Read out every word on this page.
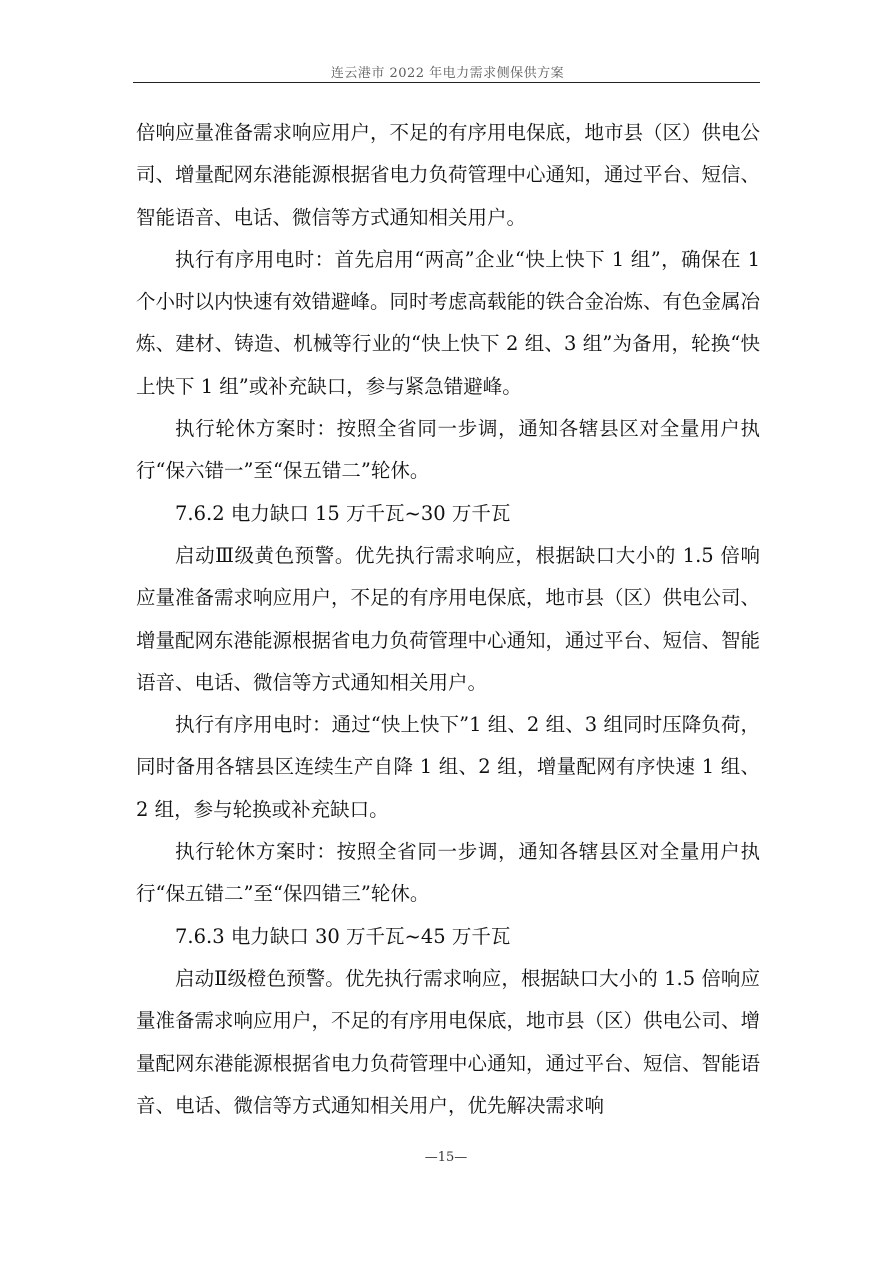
连云港市 2022 年电力需求侧保供方案

倍响应量准备需求响应用户，不足的有序用电保底，地市县（区）供电公司、增量配网东港能源根据省电力负荷管理中心通知，通过平台、短信、智能语音、电话、微信等方式通知相关用户。

执行有序用电时：首先启用“两高”企业“快上快下 1 组”，确保在 1 个小时以内快速有效错避峰。同时考虑高载能的铁合金冶炼、有色金属冶炼、建材、铸造、机械等行业的“快上快下 2 组、3 组”为备用，轮换“快上快下 1 组”或补充缺口，参与紧急错避峰。

执行轮休方案时：按照全省同一步调，通知各辖县区对全量用户执行“保六错一”至“保五错二”轮休。

7.6.2 电力缺口 15 万千瓦~30 万千瓦

启动Ⅲ级黄色预警。优先执行需求响应，根据缺口大小的 1.5 倍响应量准备需求响应用户，不足的有序用电保底，地市县（区）供电公司、增量配网东港能源根据省电力负荷管理中心通知，通过平台、短信、智能语音、电话、微信等方式通知相关用户。

执行有序用电时：通过“快上快下”1 组、2 组、3 组同时压降负荷，同时备用各辖县区连续生产自降 1 组、2 组，增量配网有序快速 1 组、2 组，参与轮换或补充缺口。

执行轮休方案时：按照全省同一步调，通知各辖县区对全量用户执行“保五错二”至“保四错三”轮休。

7.6.3 电力缺口 30 万千瓦~45 万千瓦

启动Ⅱ级橙色预警。优先执行需求响应，根据缺口大小的 1.5 倍响应量准备需求响应用户，不足的有序用电保底，地市县（区）供电公司、增量配网东港能源根据省电力负荷管理中心通知，通过平台、短信、智能语音、电话、微信等方式通知相关用户，优先解决需求响

—15—
